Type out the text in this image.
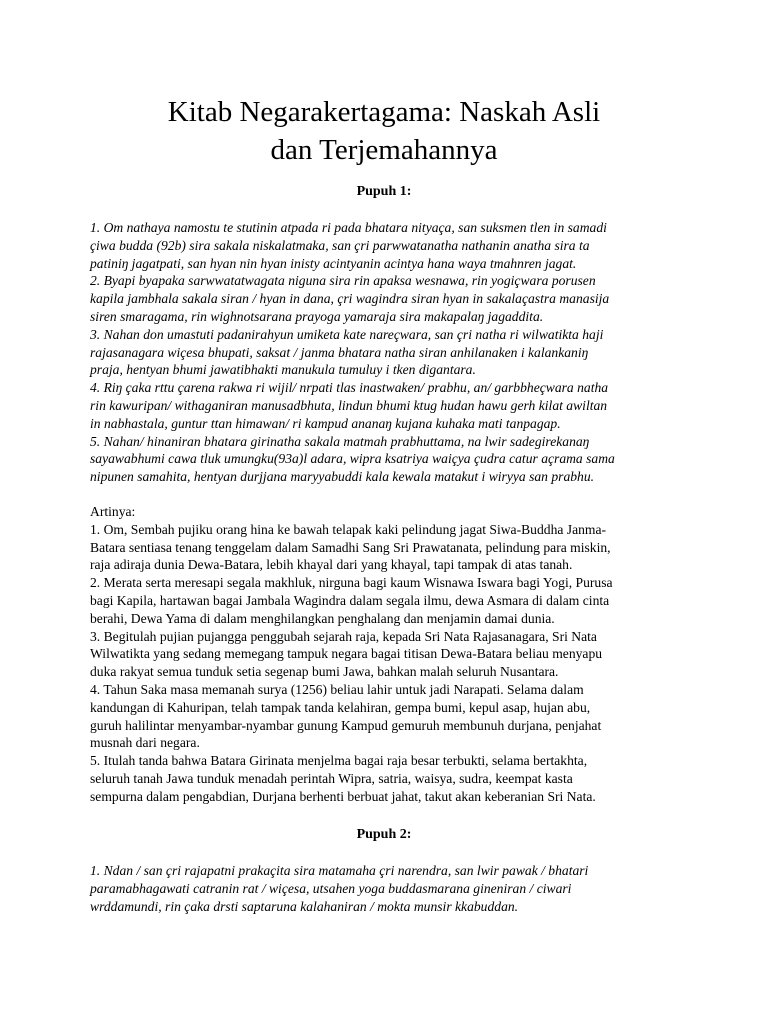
Kitab Negarakertagama: Naskah Asli
dan Terjemahannya
Pupuh 1:

1. Om nathaya namostu te stutinin atpada ri pada bhatara nityaça, san suksmen tlen in samadi

çiwa budda (92b) sira sakala niskalatmaka, san çri parwwatanatha nathanin anatha sira ta

patiniŋ jagatpati, san hyan nin hyan inisty acintyanin acintya hana waya tmahnren jagat.

2. Byapi byapaka sarwwatatwagata niguna sira rin apaksa wesnawa, rin yogiçwara porusen

kapila jambhala sakala siran / hyan in dana, çri wagindra siran hyan in sakalaçastra manasija

siren smaragama, rin wighnotsarana prayoga yamaraja sira makapalaŋ jagaddita.

3. Nahan don umastuti padanirahyun umiketa kate nareçwara, san çri natha ri wilwatikta haji

rajasanagara wiçesa bhupati, saksat / janma bhatara natha siran anhilanaken i kalankaniŋ

praja, hentyan bhumi jawatibhakti manukula tumuluy i tken digantara.

4. Riŋ çaka rttu çarena rakwa ri wijil/ nrpati tlas inastwaken/ prabhu, an/ garbbheçwara natha

rin kawuripan/ withaganiran manusadbhuta, lindun bhumi ktug hudan hawu gerh kilat awiltan

in nabhastala, guntur ttan himawan/ ri kampud ananaŋ kujana kuhaka mati tanpagap.

5. Nahan/ hinaniran bhatara girinatha sakala matmah prabhuttama, na lwir sadegirekanaŋ

sayawabhumi cawa tluk umungku(93a)l adara, wipra ksatriya waiçya çudra catur açrama sama

nipunen samahita, hentyan durjjana maryyabuddi kala kewala matakut i wiryya san prabhu.

Artinya:

1. Om, Sembah pujiku orang hina ke bawah telapak kaki pelindung jagat Siwa-Buddha Janma-

Batara sentiasa tenang tenggelam dalam Samadhi Sang Sri Prawatanata, pelindung para miskin,

raja adiraja dunia Dewa-Batara, lebih khayal dari yang khayal, tapi tampak di atas tanah.

2. Merata serta meresapi segala makhluk, nirguna bagi kaum Wisnawa Iswara bagi Yogi, Purusa

bagi Kapila, hartawan bagai Jambala Wagindra dalam segala ilmu, dewa Asmara di dalam cinta

berahi, Dewa Yama di dalam menghilangkan penghalang dan menjamin damai dunia.

3. Begitulah pujian pujangga penggubah sejarah raja, kepada Sri Nata Rajasanagara, Sri Nata

Wilwatikta yang sedang memegang tampuk negara bagai titisan Dewa-Batara beliau menyapu

duka rakyat semua tunduk setia segenap bumi Jawa, bahkan malah seluruh Nusantara.

4. Tahun Saka masa memanah surya (1256) beliau lahir untuk jadi Narapati. Selama dalam

kandungan di Kahuripan, telah tampak tanda kelahiran, gempa bumi, kepul asap, hujan abu,

guruh halilintar menyambar-nyambar gunung Kampud gemuruh membunuh durjana, penjahat

musnah dari negara.

5. Itulah tanda bahwa Batara Girinata menjelma bagai raja besar terbukti, selama bertakhta,

seluruh tanah Jawa tunduk menadah perintah Wipra, satria, waisya, sudra, keempat kasta

sempurna dalam pengabdian, Durjana berhenti berbuat jahat, takut akan keberanian Sri Nata.

Pupuh 2:

1. Ndan / san çri rajapatni prakaçita sira matamaha çri narendra, san lwir pawak / bhatari

paramabhagawati catranin rat / wiçesa, utsahen yoga buddasmarana gineniran / ciwari

wrddamundi, rin çaka drsti saptaruna kalahaniran / mokta munsir kkabuddan.
